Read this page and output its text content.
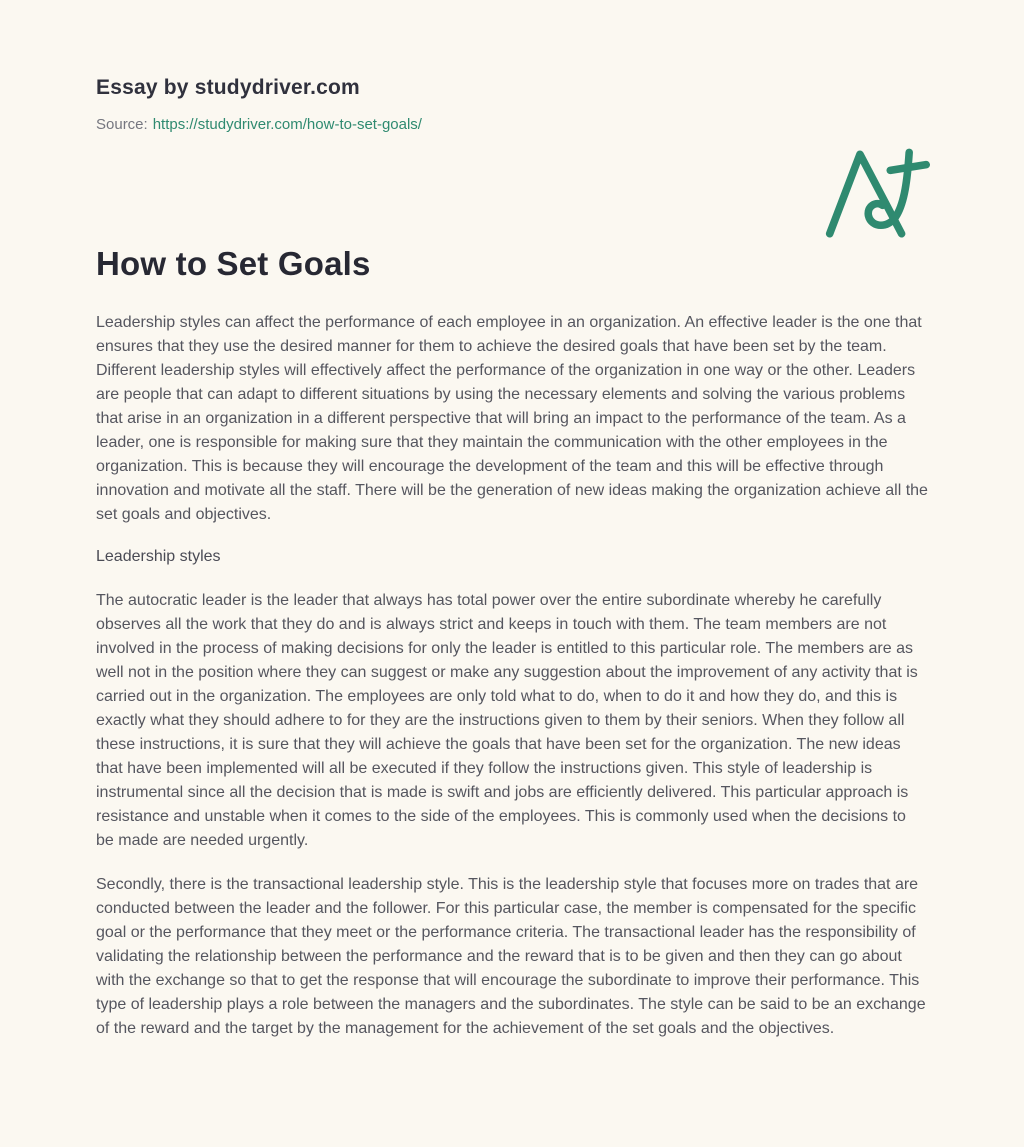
Essay by studydriver.com
Source: https://studydriver.com/how-to-set-goals/
How to Set Goals

Leadership styles can affect the performance of each employee in an organization. An effective leader is the one that ensures that they use the desired manner for them to achieve the desired goals that have been set by the team. Different leadership styles will effectively affect the performance of the organization in one way or the other. Leaders are people that can adapt to different situations by using the necessary elements and solving the various problems that arise in an organization in a different perspective that will bring an impact to the performance of the team. As a leader, one is responsible for making sure that they maintain the communication with the other employees in the organization. This is because they will encourage the development of the team and this will be effective through innovation and motivate all the staff. There will be the generation of new ideas making the organization achieve all the set goals and objectives.

Leadership styles

The autocratic leader is the leader that always has total power over the entire subordinate whereby he carefully observes all the work that they do and is always strict and keeps in touch with them. The team members are not involved in the process of making decisions for only the leader is entitled to this particular role. The members are as well not in the position where they can suggest or make any suggestion about the improvement of any activity that is carried out in the organization. The employees are only told what to do, when to do it and how they do, and this is exactly what they should adhere to for they are the instructions given to them by their seniors. When they follow all these instructions, it is sure that they will achieve the goals that have been set for the organization. The new ideas that have been implemented will all be executed if they follow the instructions given. This style of leadership is instrumental since all the decision that is made is swift and jobs are efficiently delivered. This particular approach is resistance and unstable when it comes to the side of the employees. This is commonly used when the decisions to be made are needed urgently.

Secondly, there is the transactional leadership style. This is the leadership style that focuses more on trades that are conducted between the leader and the follower. For this particular case, the member is compensated for the specific goal or the performance that they meet or the performance criteria. The transactional leader has the responsibility of validating the relationship between the performance and the reward that is to be given and then they can go about with the exchange so that to get the response that will encourage the subordinate to improve their performance. This type of leadership plays a role between the managers and the subordinates. The style can be said to be an exchange of the reward and the target by the management for the achievement of the set goals and the objectives.
